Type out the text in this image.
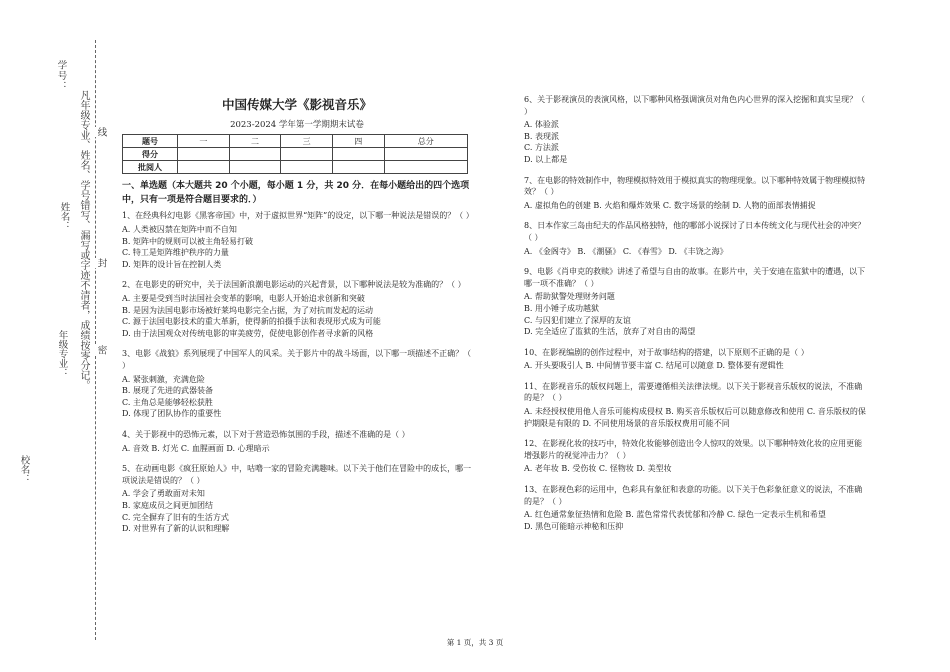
学号：
凡年级专业、姓名、学号错写、漏写或字迹不清者，成绩按零分记。 线
封
密
姓名：
年级专业：
校名：
中国传媒大学《影视音乐》
2023-2024 学年第一学期期末试卷
题号	一	二	三	四	总分
得分					
批阅人					
一、单选题（本大题共 20 个小题，每小题 1 分，共 20 分．在每小题给出的四个选项中，只有一项是符合题目要求的．）
1、在经典科幻电影《黑客帝国》中，对于虚拟世界“矩阵”的设定，以下哪一种说法是错误的？（ ）
A. 人类被囚禁在矩阵中而不自知
B. 矩阵中的规则可以被主角轻易打破
C. 特工是矩阵维护秩序的力量
D. 矩阵的设计旨在控制人类
2、在电影史的研究中，关于法国新浪潮电影运动的兴起背景，以下哪种说法是较为准确的？（ ）
A. 主要是受到当时法国社会变革的影响，电影人开始追求创新和突破
B. 是因为法国电影市场被好莱坞电影完全占据，为了对抗而发起的运动
C. 源于法国电影技术的重大革新，使得新的拍摄手法和表现形式成为可能
D. 由于法国观众对传统电影的审美疲劳，促使电影创作者寻求新的风格
3、电影《战狼》系列展现了中国军人的风采。关于影片中的战斗场面，以下哪一项描述不正确？（ ）
A. 紧张刺激，充满危险
B. 展现了先进的武器装备
C. 主角总是能够轻松获胜
D. 体现了团队协作的重要性
4、关于影视中的恐怖元素，以下对于营造恐怖氛围的手段，描述不准确的是（ ）
A. 音效 B. 灯光 C. 血腥画面 D. 心理暗示
5、在动画电影《疯狂原始人》中，咕噜一家的冒险充满趣味。以下关于他们在冒险中的成长，哪一项说法是错误的？（ ）
A. 学会了勇敢面对未知
B. 家庭成员之间更加团结
C. 完全摒弃了旧有的生活方式
D. 对世界有了新的认识和理解
6、关于影视演员的表演风格，以下哪种风格强调演员对角色内心世界的深入挖掘和真实呈现？（ ）
A. 体验派
B. 表现派
C. 方法派
D. 以上都是
7、在电影的特效制作中，物理模拟特效用于模拟真实的物理现象。以下哪种特效属于物理模拟特效？（ ）
A. 虚拟角色的创建 B. 火焰和爆炸效果 C. 数字场景的绘制 D. 人物的面部表情捕捉
8、日本作家三岛由纪夫的作品风格独特，他的哪部小说探讨了日本传统文化与现代社会的冲突？（ ）
A. 《金阁寺》 B. 《潮骚》 C. 《春雪》 D. 《丰饶之海》
9、电影《肖申克的救赎》讲述了希望与自由的故事。在影片中，关于安迪在监狱中的遭遇，以下哪一项不准确？（ ）
A. 帮助狱警处理财务问题
B. 用小锤子成功越狱
C. 与囚犯们建立了深厚的友谊
D. 完全适应了监狱的生活，放弃了对自由的渴望
10、在影视编剧的创作过程中，对于故事结构的搭建，以下原则不正确的是（ ）
A. 开头要吸引人 B. 中间情节要丰富 C. 结尾可以随意 D. 整体要有逻辑性
11、在影视音乐的版权问题上，需要遵循相关法律法规。以下关于影视音乐版权的说法，不准确的是？（ ）
A. 未经授权使用他人音乐可能构成侵权 B. 购买音乐版权后可以随意修改和使用 C. 音乐版权的保护期限是有限的 D. 不同使用场景的音乐版权费用可能不同
12、在影视化妆的技巧中，特效化妆能够创造出令人惊叹的效果。以下哪种特效化妆的应用更能增强影片的视觉冲击力？（ ）
A. 老年妆 B. 受伤妆 C. 怪物妆 D. 美型妆
13、在影视色彩的运用中，色彩具有象征和表意的功能。以下关于色彩象征意义的说法，不准确的是？（ ）
A. 红色通常象征热情和危险 B. 蓝色常常代表忧郁和冷静 C. 绿色一定表示生机和希望
D. 黑色可能暗示神秘和压抑
第 1 页，共 3 页
